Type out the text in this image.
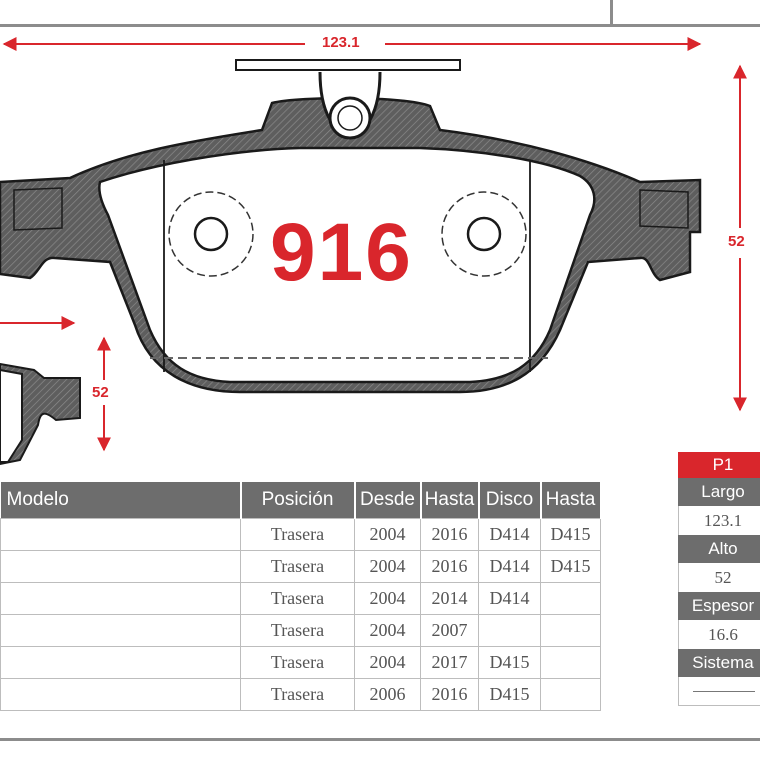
123.1
52
52
916
Modelo	Posición	Desde	Hasta	Disco	Hasta
	Trasera	2004	2016	D414	D415
	Trasera	2004	2016	D414	D415
	Trasera	2004	2014	D414	
	Trasera	2004	2007		
	Trasera	2004	2017	D415	
	Trasera	2006	2016	D415	
P1
Largo
123.1
Alto
52
Espesor
16.6
Sistema
